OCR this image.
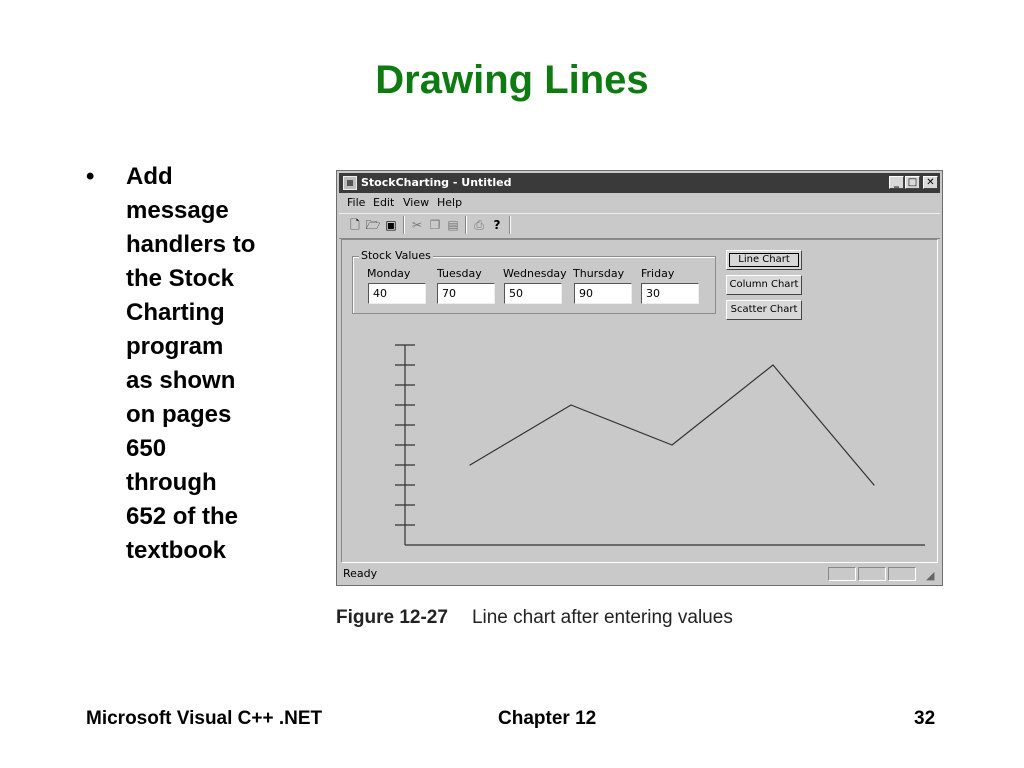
Drawing Lines
• Add
message
handlers to
the Stock
Charting
program
as shown
on pages
650
through
652 of the
textbook
StockCharting - Untitled	_ □ ✕
File Edit View Help
🗋 🗁 ▣ ✂ ❐ ▤ ⎙ ?
Stock Values
Monday Tuesday Wednesday Thursday Friday
40	70	50	90	30
Line Chart
Column Chart
Scatter Chart
Ready	◢
Figure 12-27 Line chart after entering values
Microsoft Visual C++ .NET	Chapter 12	32
